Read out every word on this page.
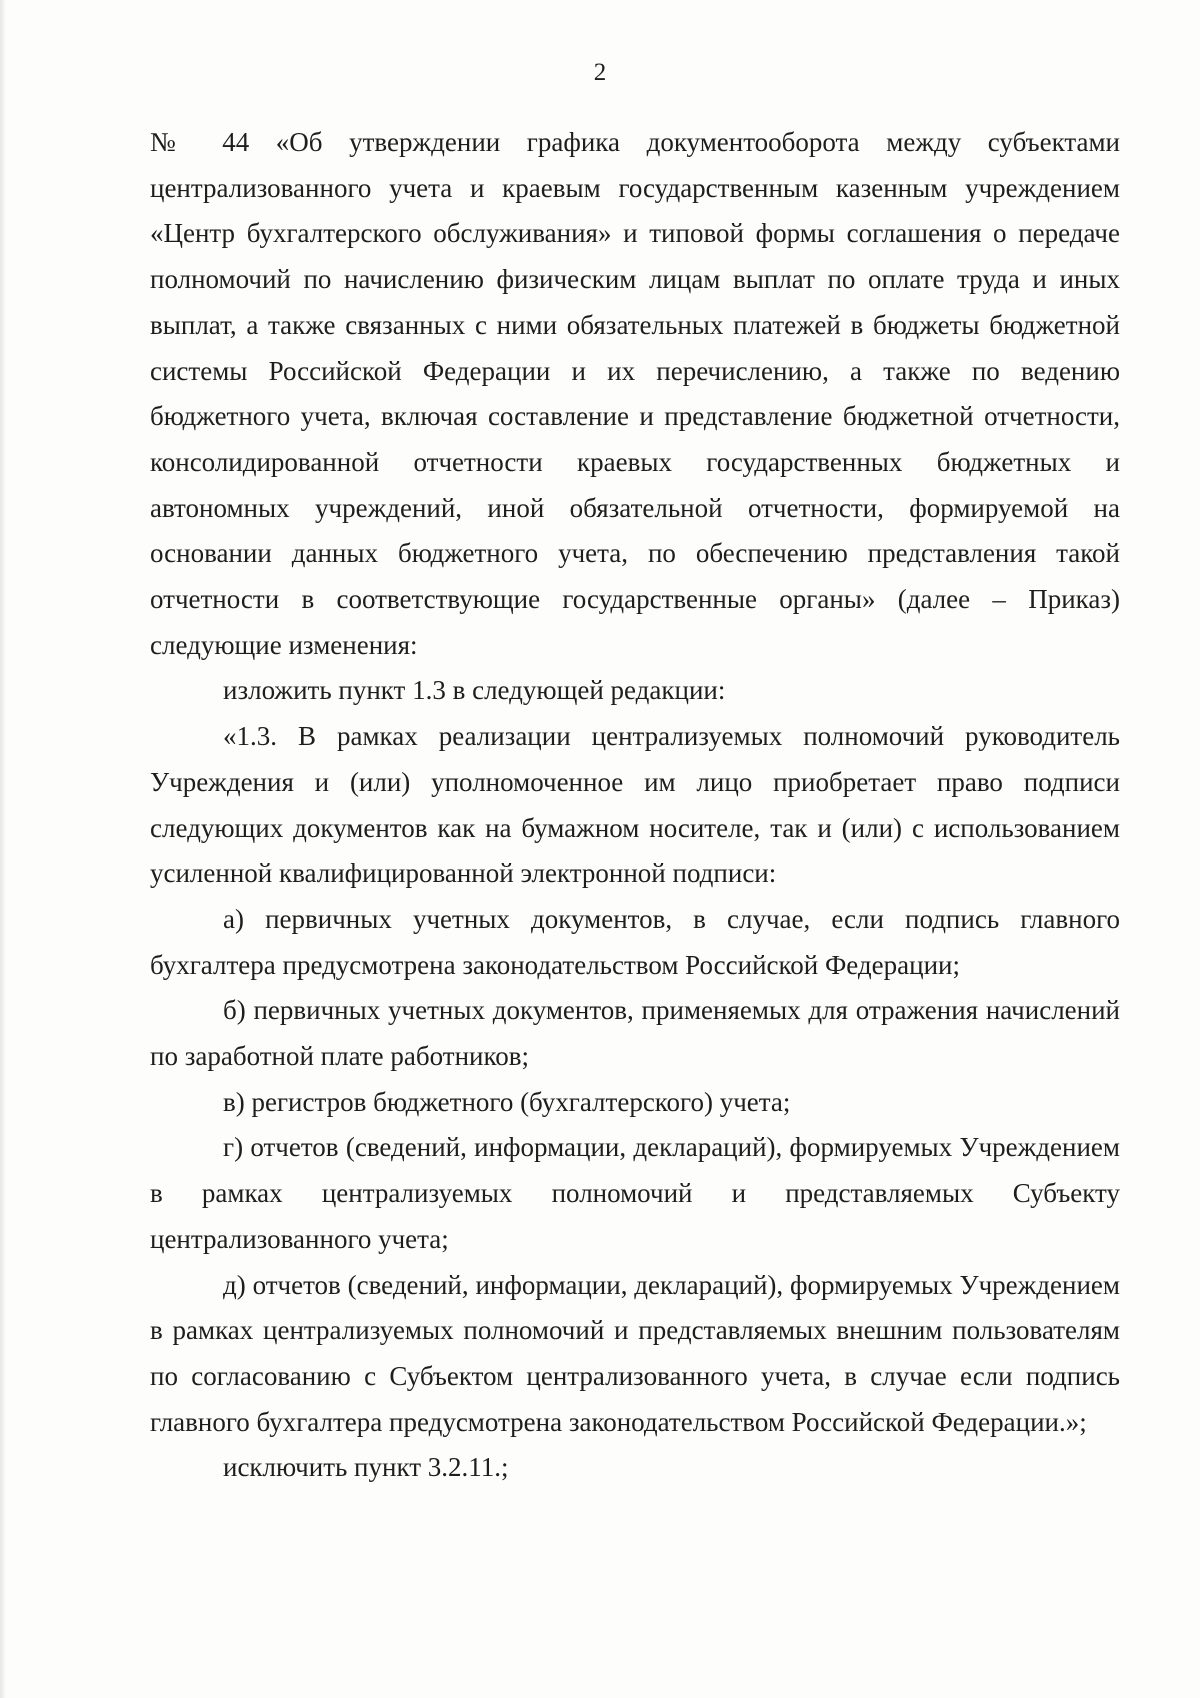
2

№ 44 «Об утверждении графика документооборота между субъектами централизованного учета и краевым государственным казенным учреждением «Центр бухгалтерского обслуживания» и типовой формы соглашения о передаче полномочий по начислению физическим лицам выплат по оплате труда и иных выплат, а также связанных с ними обязательных платежей в бюджеты бюджетной системы Российской Федерации и их перечислению, а также по ведению бюджетного учета, включая составление и представление бюджетной отчетности, консолидированной отчетности краевых государственных бюджетных и автономных учреждений, иной обязательной отчетности, формируемой на основании данных бюджетного учета, по обеспечению представления такой отчетности в соответствующие государственные органы» (далее – Приказ) следующие изменения:

изложить пункт 1.3 в следующей редакции:

«1.3. В рамках реализации централизуемых полномочий руководитель Учреждения и (или) уполномоченное им лицо приобретает право подписи следующих документов как на бумажном носителе, так и (или) с использованием усиленной квалифицированной электронной подписи:

а) первичных учетных документов, в случае, если подпись главного бухгалтера предусмотрена законодательством Российской Федерации;

б) первичных учетных документов, применяемых для отражения начислений по заработной плате работников;

в) регистров бюджетного (бухгалтерского) учета;

г) отчетов (сведений, информации, деклараций), формируемых Учреждением в рамках централизуемых полномочий и представляемых Субъекту централизованного учета;

д) отчетов (сведений, информации, деклараций), формируемых Учреждением в рамках централизуемых полномочий и представляемых внешним пользователям по согласованию с Субъектом централизованного учета, в случае если подпись главного бухгалтера предусмотрена законодательством Российской Федерации.»;

исключить пункт 3.2.11.;
